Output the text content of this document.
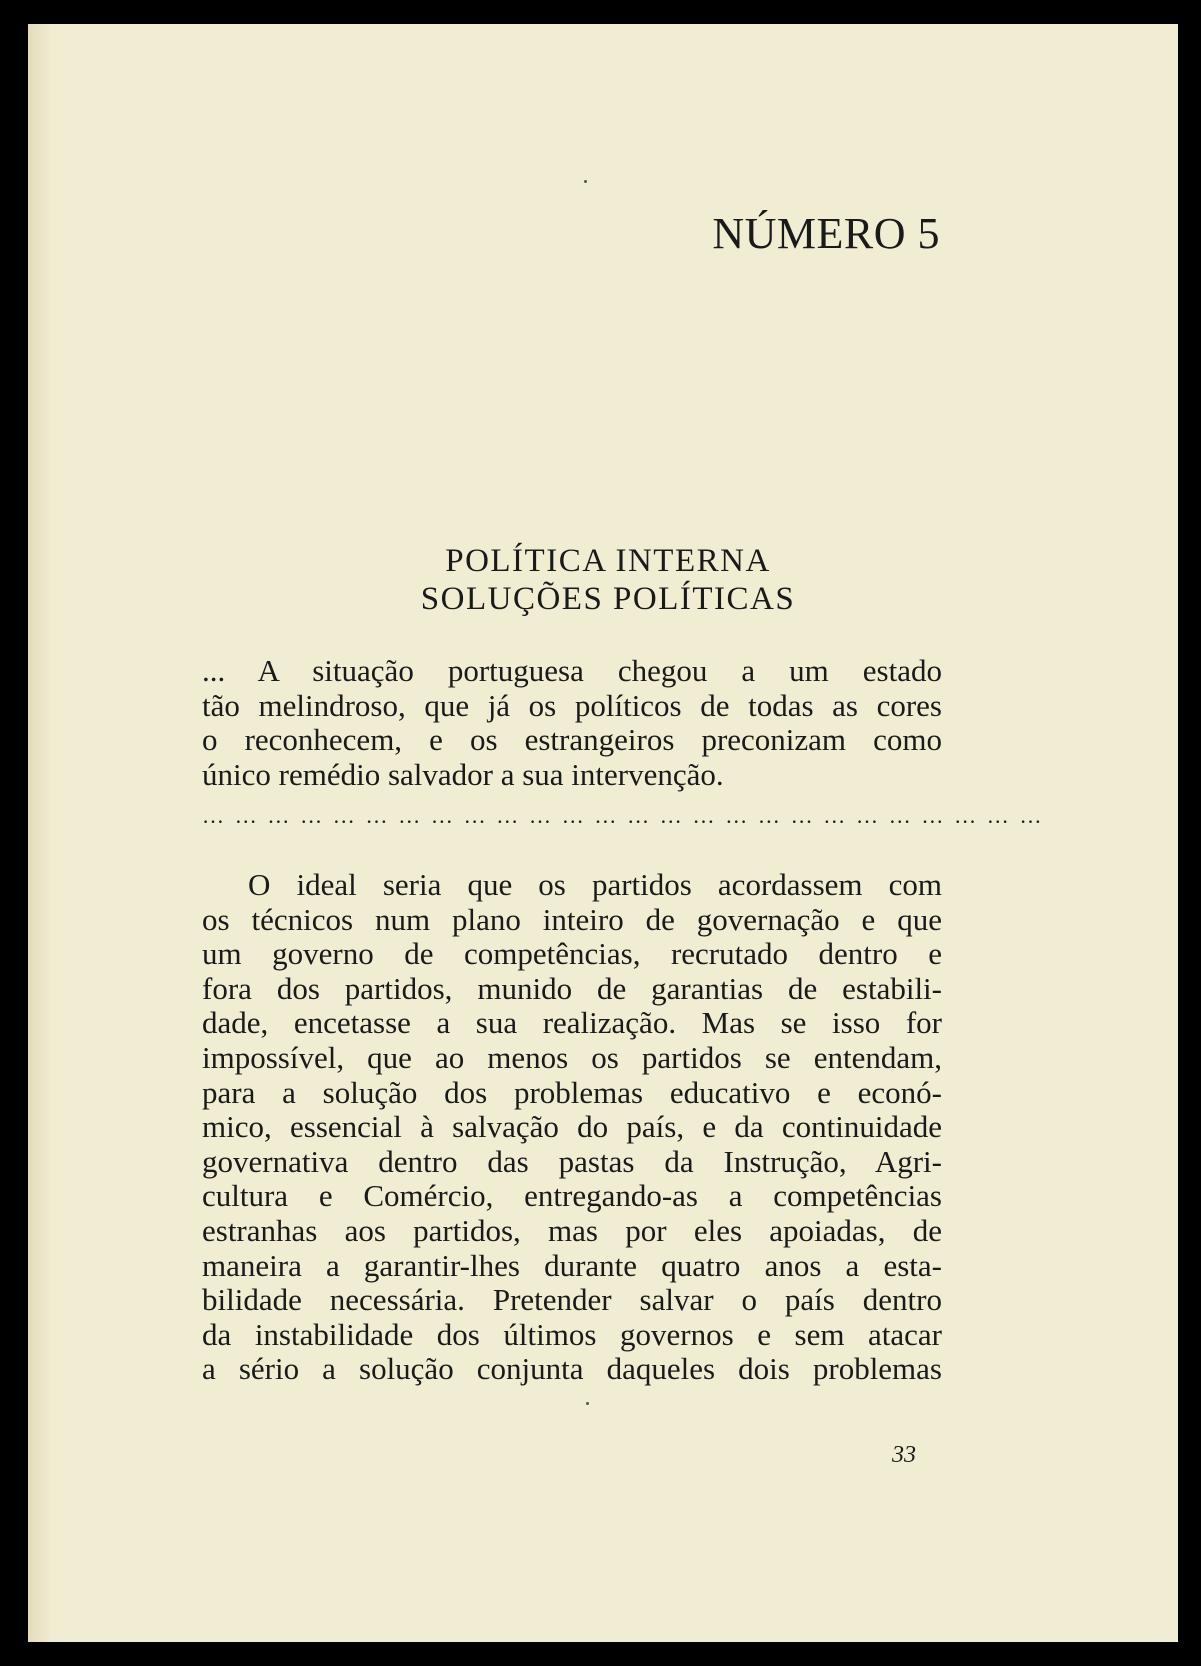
NÚMERO 5
POLÍTICA INTERNA
SOLUÇÕES POLÍTICAS

... A situação portuguesa chegou a um estado
tão melindroso, que já os políticos de todas as cores
o reconhecem, e os estrangeiros preconizam como
único remédio salvador a sua intervenção.

… … … … … … … … … … … … … … … … … … … … … … … … … …

O ideal seria que os partidos acordassem com
os técnicos num plano inteiro de governação e que
um governo de competências, recrutado dentro e
fora dos partidos, munido de garantias de estabili-
dade, encetasse a sua realização. Mas se isso for
impossível, que ao menos os partidos se entendam,
para a solução dos problemas educativo e econó-
mico, essencial à salvação do país, e da continuidade
governativa dentro das pastas da Instrução, Agri-
cultura e Comércio, entregando-as a competências
estranhas aos partidos, mas por eles apoiadas, de
maneira a garantir-lhes durante quatro anos a esta-
bilidade necessária. Pretender salvar o país dentro
da instabilidade dos últimos governos e sem atacar
a sério a solução conjunta daqueles dois problemas

33
